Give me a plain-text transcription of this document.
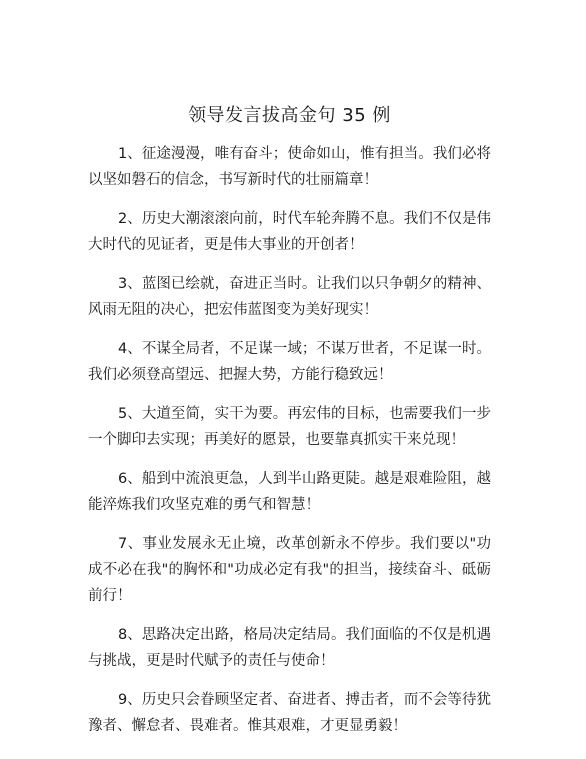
领导发言拔高金句 35 例

1、征途漫漫，唯有奋斗；使命如山，惟有担当。我们必将以坚如磐石的信念，书写新时代的壮丽篇章！

2、历史大潮滚滚向前，时代车轮奔腾不息。我们不仅是伟大时代的见证者，更是伟大事业的开创者！

3、蓝图已绘就，奋进正当时。让我们以只争朝夕的精神、风雨无阻的决心，把宏伟蓝图变为美好现实！

4、不谋全局者，不足谋一域；不谋万世者，不足谋一时。我们必须登高望远、把握大势，方能行稳致远！

5、大道至简，实干为要。再宏伟的目标，也需要我们一步一个脚印去实现；再美好的愿景，也要靠真抓实干来兑现！

6、船到中流浪更急，人到半山路更陡。越是艰难险阻，越能淬炼我们攻坚克难的勇气和智慧！

7、事业发展永无止境，改革创新永不停步。我们要以"功成不必在我"的胸怀和"功成必定有我"的担当，接续奋斗、砥砺前行！

8、思路决定出路，格局决定结局。我们面临的不仅是机遇与挑战，更是时代赋予的责任与使命！

9、历史只会眷顾坚定者、奋进者、搏击者，而不会等待犹豫者、懈怠者、畏难者。惟其艰难，才更显勇毅！
